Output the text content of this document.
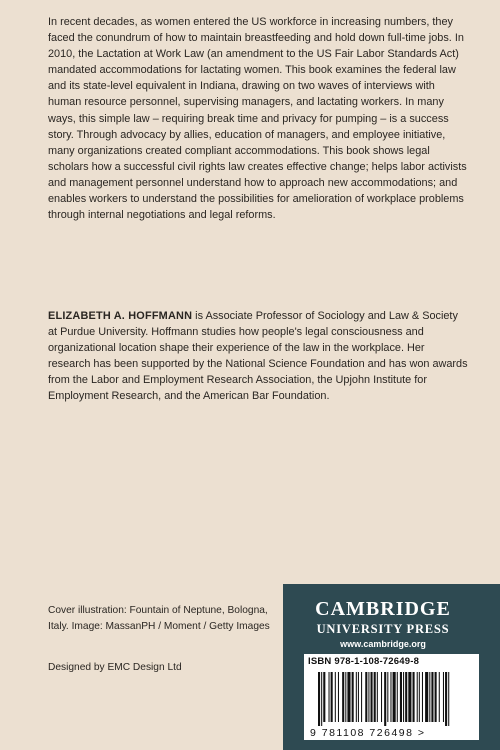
In recent decades, as women entered the US workforce in increasing numbers, they faced the conundrum of how to maintain breastfeeding and hold down full-time jobs. In 2010, the Lactation at Work Law (an amendment to the US Fair Labor Standards Act) mandated accommodations for lactating women. This book examines the federal law and its state-level equivalent in Indiana, drawing on two waves of interviews with human resource personnel, supervising managers, and lactating workers. In many ways, this simple law – requiring break time and privacy for pumping – is a success story. Through advocacy by allies, education of managers, and employee initiative, many organizations created compliant accommodations. This book shows legal scholars how a successful civil rights law creates effective change; helps labor activists and management personnel understand how to approach new accommodations; and enables workers to understand the possibilities for amelioration of workplace problems through internal negotiations and legal reforms.

ELIZABETH A. HOFFMANN is Associate Professor of Sociology and Law & Society at Purdue University. Hoffmann studies how people's legal consciousness and organizational location shape their experience of the law in the workplace. Her research has been supported by the National Science Foundation and has won awards from the Labor and Employment Research Association, the Upjohn Institute for Employment Research, and the American Bar Foundation.

Cover illustration: Fountain of Neptune, Bologna, Italy. Image: MassanPH / Moment / Getty Images

Designed by EMC Design Ltd

CAMBRIDGE
UNIVERSITY PRESS
www.cambridge.org
ISBN 978-1-108-72649-8
9 781108 726498 >
